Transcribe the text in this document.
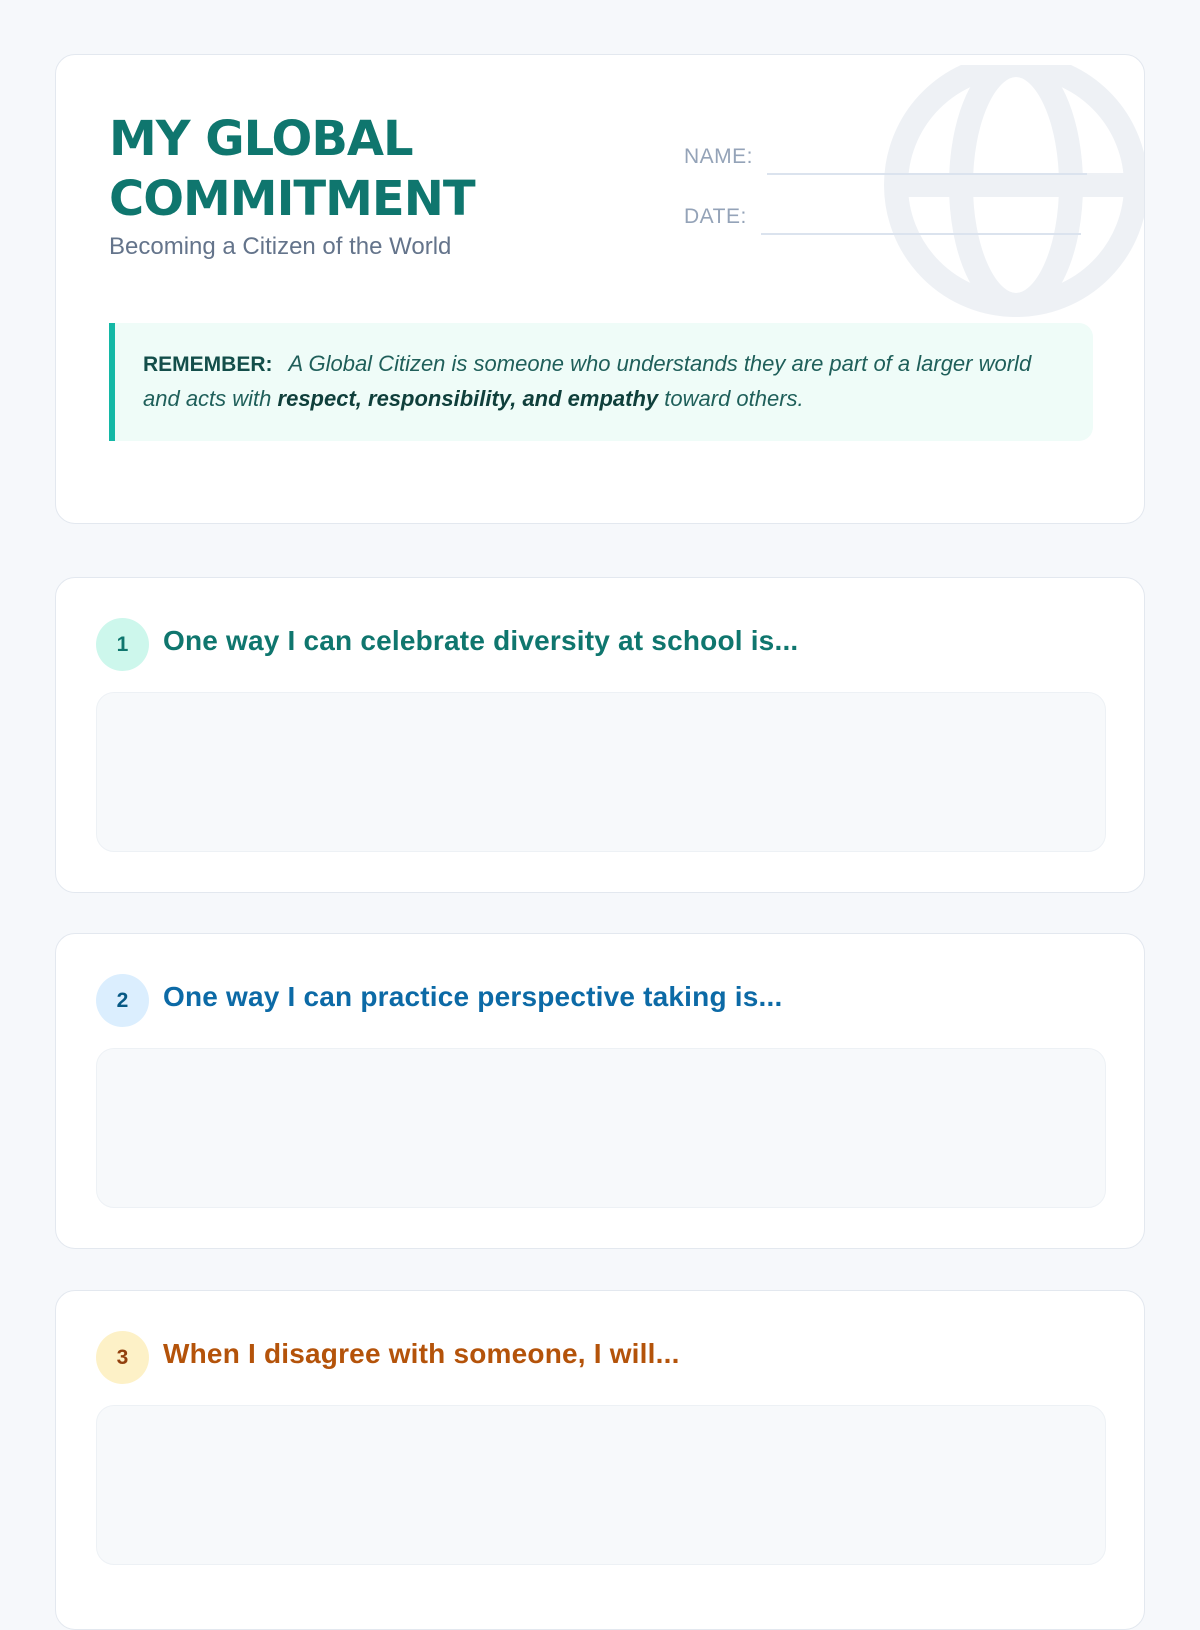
MY GLOBAL
COMMITMENT
Becoming a Citizen of the World
NAME:
DATE:
REMEMBER: A Global Citizen is someone who understands they are part of a larger world and acts with respect, responsibility, and empathy toward others.
1	One way I can celebrate diversity at school is...
2	One way I can practice perspective taking is...
3	When I disagree with someone, I will...
